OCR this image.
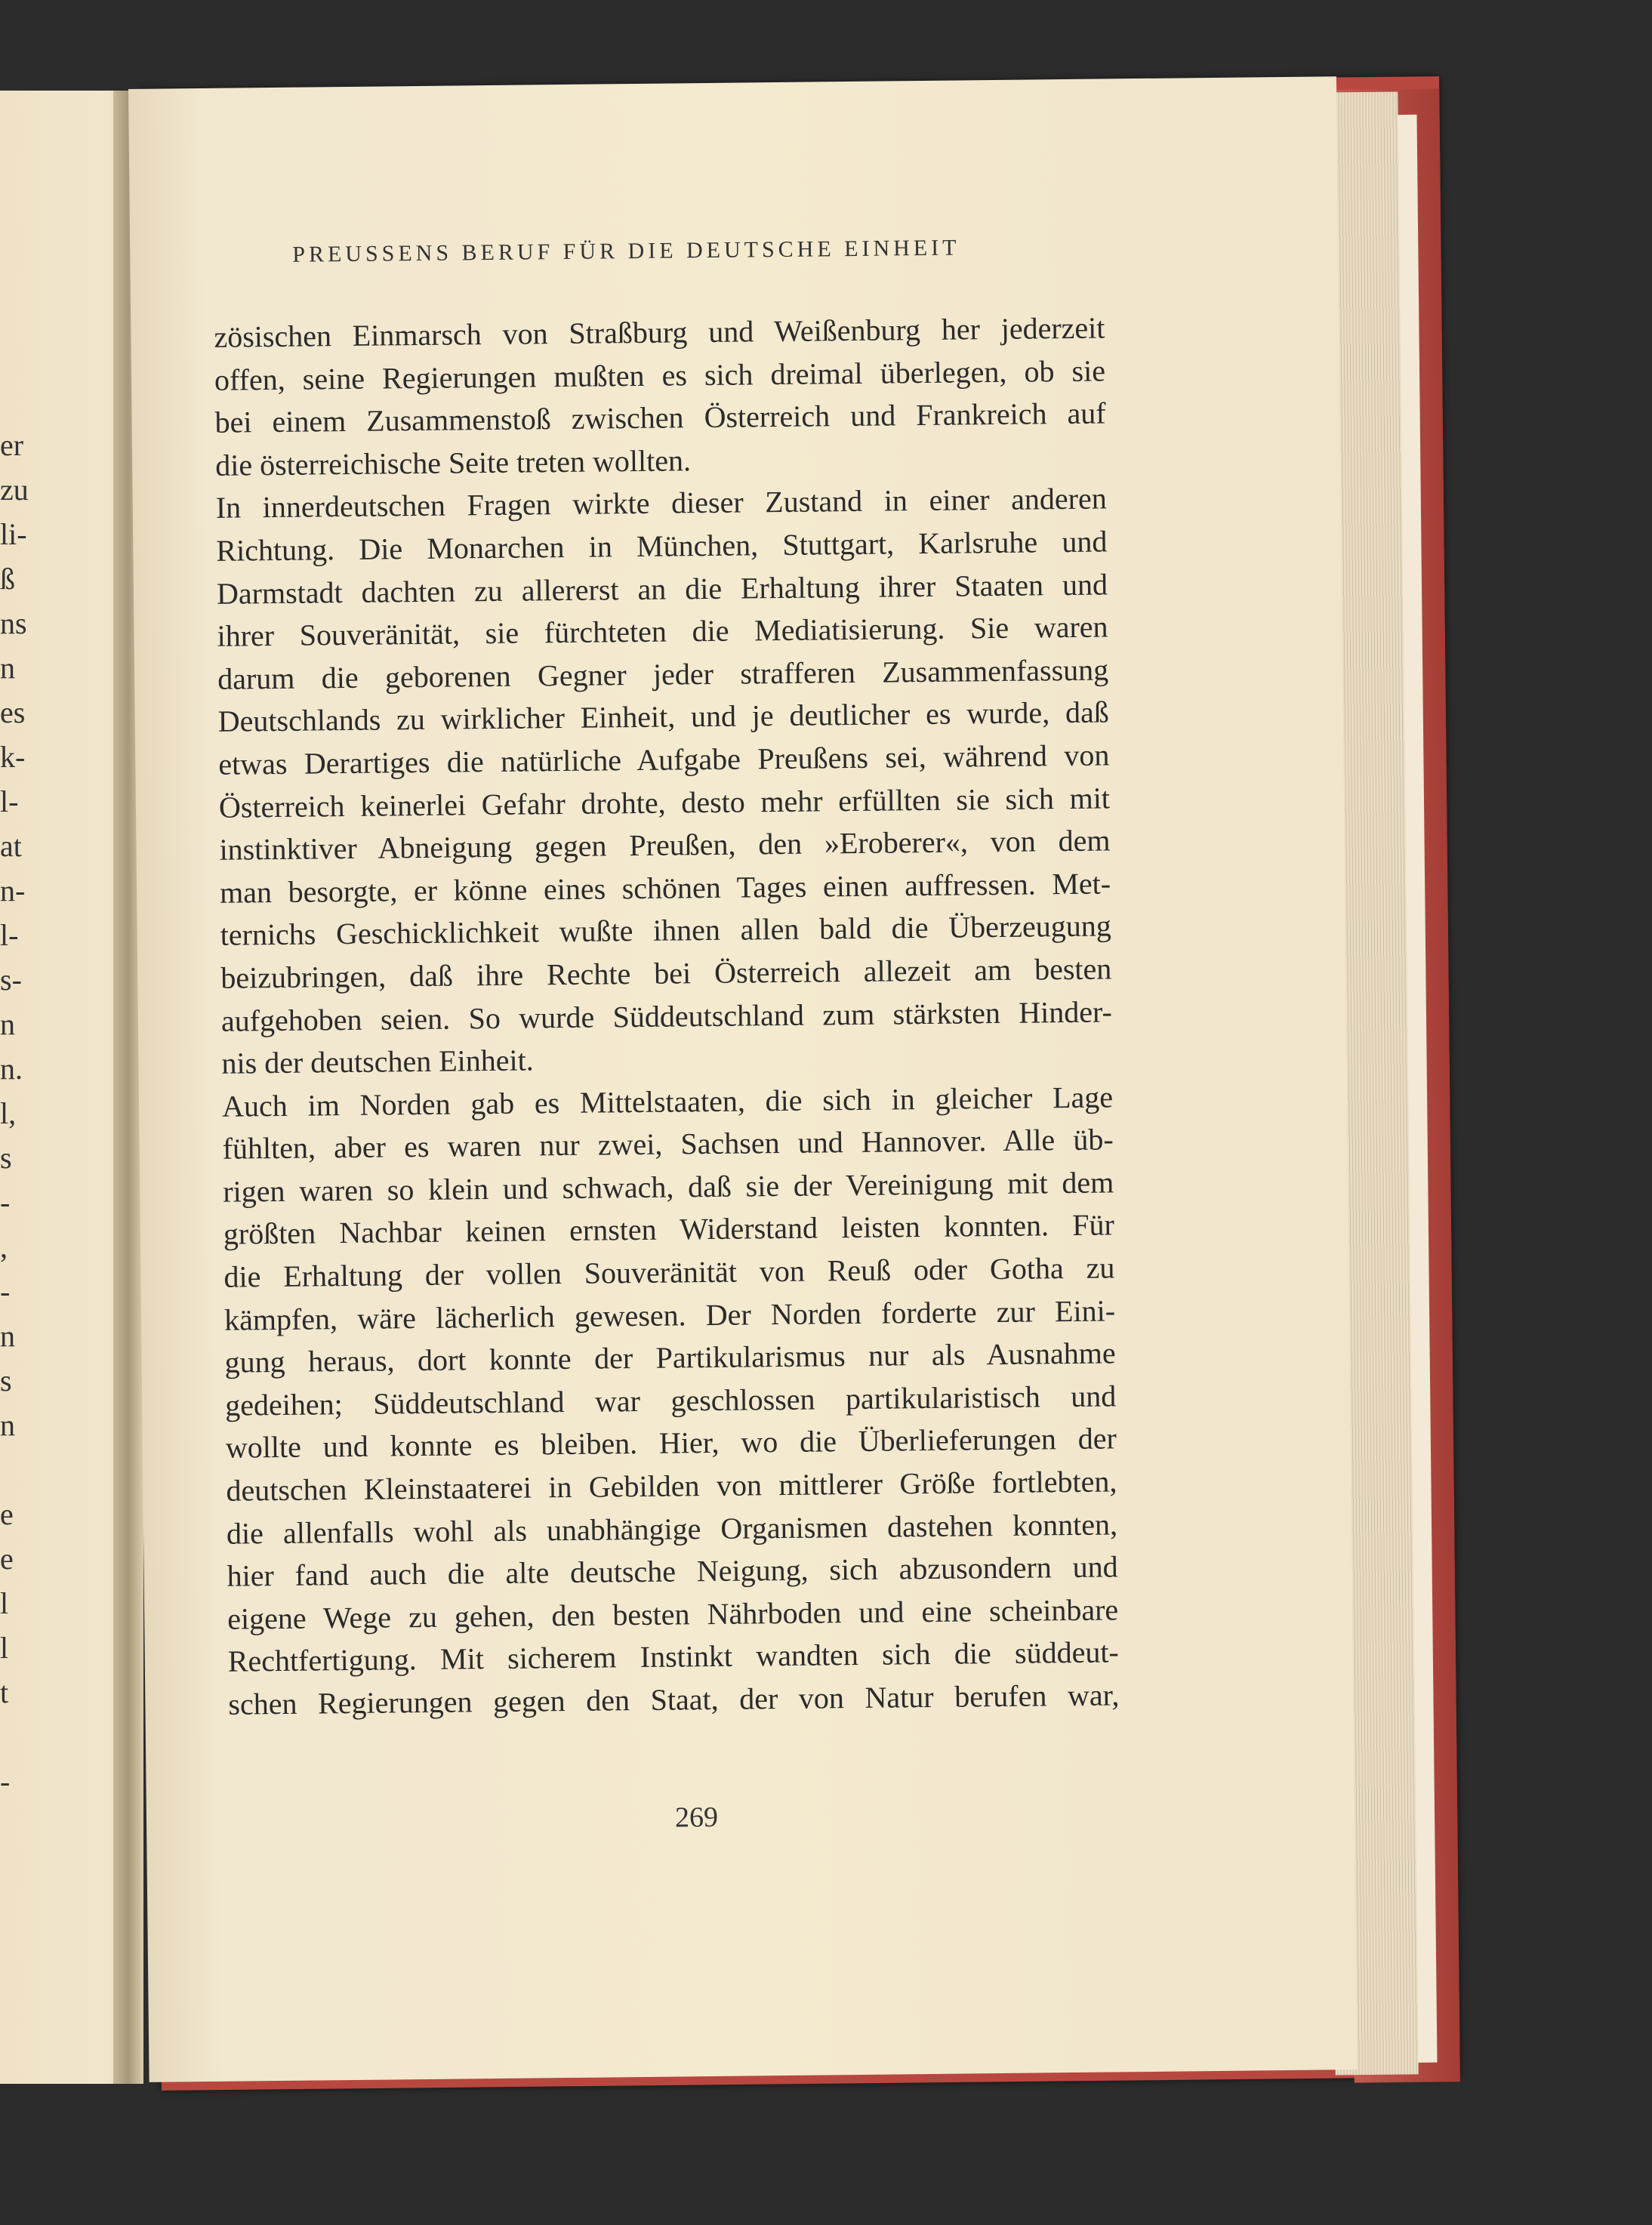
er
zu
li-
ß
ns
n
es
k-
l-
at
n-
l-
s-
n
n.
l,
s
-
,
-
n
s
n
e
e
l
l
t
-
PREUSSENS BERUF FÜR DIE DEUTSCHE EINHEIT
zösischen Einmarsch von Straßburg und Weißenburg her jederzeit
offen, seine Regierungen mußten es sich dreimal überlegen, ob sie
bei einem Zusammenstoß zwischen Österreich und Frankreich auf
die österreichische Seite treten wollten.
In innerdeutschen Fragen wirkte dieser Zustand in einer anderen
Richtung. Die Monarchen in München, Stuttgart, Karlsruhe und
Darmstadt dachten zu allererst an die Erhaltung ihrer Staaten und
ihrer Souveränität, sie fürchteten die Mediatisierung. Sie waren
darum die geborenen Gegner jeder strafferen Zusammenfassung
Deutschlands zu wirklicher Einheit, und je deutlicher es wurde, daß
etwas Derartiges die natürliche Aufgabe Preußens sei, während von
Österreich keinerlei Gefahr drohte, desto mehr erfüllten sie sich mit
instinktiver Abneigung gegen Preußen, den »Eroberer«, von dem
man besorgte, er könne eines schönen Tages einen auffressen. Met-
ternichs Geschicklichkeit wußte ihnen allen bald die Überzeugung
beizubringen, daß ihre Rechte bei Österreich allezeit am besten
aufgehoben seien. So wurde Süddeutschland zum stärksten Hinder-
nis der deutschen Einheit.
Auch im Norden gab es Mittelstaaten, die sich in gleicher Lage
fühlten, aber es waren nur zwei, Sachsen und Hannover. Alle üb-
rigen waren so klein und schwach, daß sie der Vereinigung mit dem
größten Nachbar keinen ernsten Widerstand leisten konnten. Für
die Erhaltung der vollen Souveränität von Reuß oder Gotha zu
kämpfen, wäre lächerlich gewesen. Der Norden forderte zur Eini-
gung heraus, dort konnte der Partikularismus nur als Ausnahme
gedeihen; Süddeutschland war geschlossen partikularistisch und
wollte und konnte es bleiben. Hier, wo die Überlieferungen der
deutschen Kleinstaaterei in Gebilden von mittlerer Größe fortlebten,
die allenfalls wohl als unabhängige Organismen dastehen konnten,
hier fand auch die alte deutsche Neigung, sich abzusondern und
eigene Wege zu gehen, den besten Nährboden und eine scheinbare
Rechtfertigung. Mit sicherem Instinkt wandten sich die süddeut-
schen Regierungen gegen den Staat, der von Natur berufen war,
269
